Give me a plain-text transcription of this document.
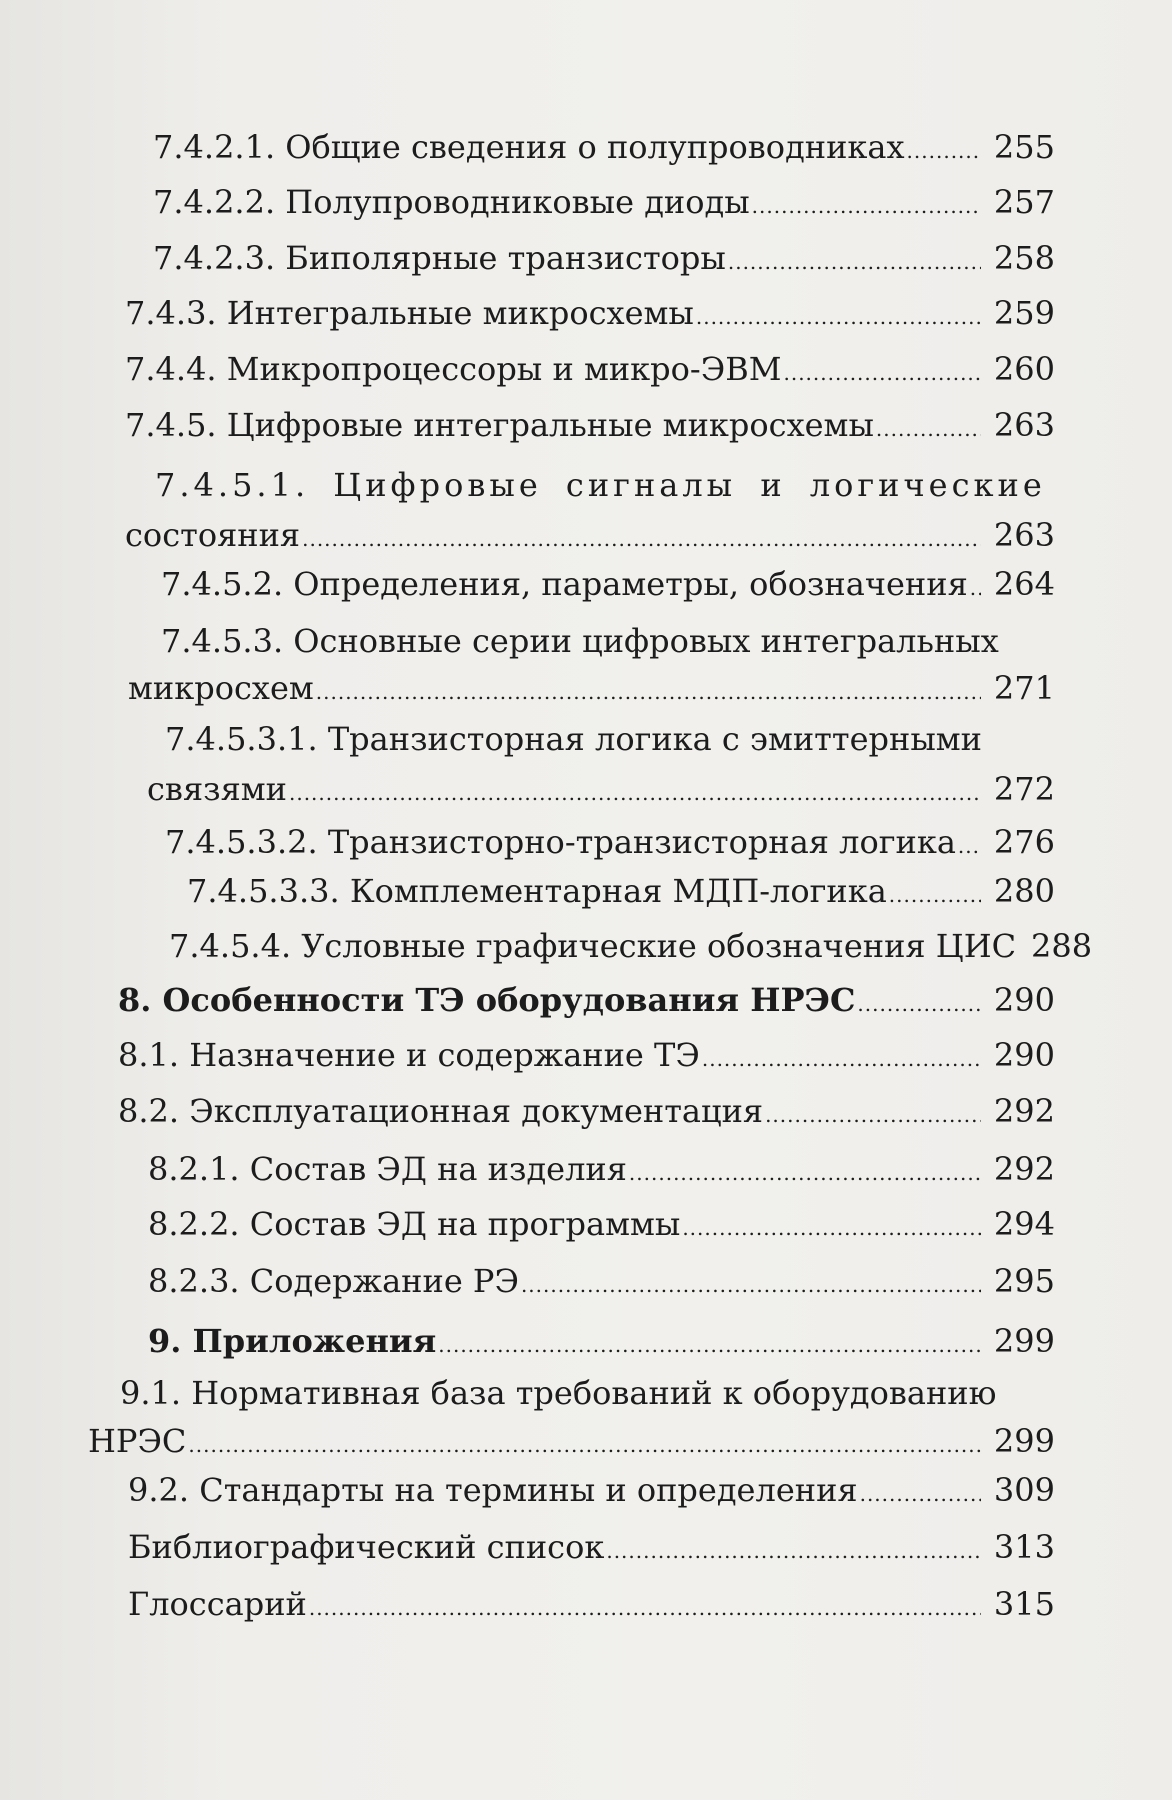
7.4.2.1. Общие сведения о полупроводниках .....	255
7.4.2.2. Полупроводниковые диоды .....	257
7.4.2.3. Биполярные транзисторы .....	258
7.4.3. Интегральные микросхемы .....	259
7.4.4. Микропроцессоры и микро-ЭВМ .....	260
7.4.5. Цифровые интегральные микросхемы .....	263
7.4.5.1. Цифровые сигналы и логические
состояния .....	263
7.4.5.2. Определения, параметры, обозначения ..... 264
7.4.5.3. Основные серии цифровых интегральных
микросхем .....	271
7.4.5.3.1. Транзисторная логика с эмиттерными
связями .....	272
7.4.5.3.2. Транзисторно-транзисторная логика ..... 276
7.4.5.3.3. Комплементарная МДП-логика .....	280
7.4.5.4. Условные графические обозначения ЦИС 288
8. Особенности ТЭ оборудования НРЭС .....	290
8.1. Назначение и содержание ТЭ .....	290
8.2. Эксплуатационная документация .....	292
8.2.1. Состав ЭД на изделия .....	292
8.2.2. Состав ЭД на программы .....	294
8.2.3. Содержание РЭ .....	295
9. Приложения .....	299
9.1. Нормативная база требований к оборудованию
НРЭС .....	299
9.2. Стандарты на термины и определения .....	309
Библиографический список .....	313
Глоссарий .....	315
